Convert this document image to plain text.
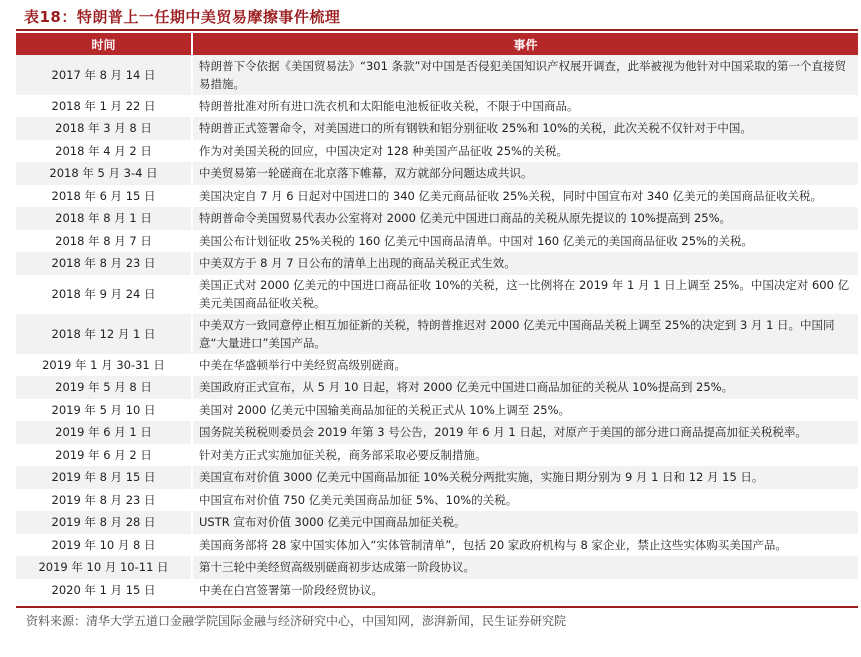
表18：特朗普上一任期中美贸易摩擦事件梳理
时间	事件
2017 年 8 月 14 日	特朗普下令依据《美国贸易法》“301 条款”对中国是否侵犯美国知识产权展开调查，此举被视为他针对中国采取的第一个直接贸易措施。
2018 年 1 月 22 日	特朗普批准对所有进口洗衣机和太阳能电池板征收关税，不限于中国商品。
2018 年 3 月 8 日	特朗普正式签署命令，对美国进口的所有钢铁和铝分别征收 25%和 10%的关税，此次关税不仅针对于中国。
2018 年 4 月 2 日	作为对美国关税的回应，中国决定对 128 种美国产品征收 25%的关税。
2018 年 5 月 3-4 日	中美贸易第一轮磋商在北京落下帷幕，双方就部分问题达成共识。
2018 年 6 月 15 日	美国决定自 7 月 6 日起对中国进口的 340 亿美元商品征收 25%关税，同时中国宣布对 340 亿美元的美国商品征收关税。
2018 年 8 月 1 日	特朗普命令美国贸易代表办公室将对 2000 亿美元中国进口商品的关税从原先提议的 10%提高到 25%。
2018 年 8 月 7 日	美国公布计划征收 25%关税的 160 亿美元中国商品清单。中国对 160 亿美元的美国商品征收 25%的关税。
2018 年 8 月 23 日	中美双方于 8 月 7 日公布的清单上出现的商品关税正式生效。
2018 年 9 月 24 日	美国正式对 2000 亿美元的中国进口商品征收 10%的关税，这一比例将在 2019 年 1 月 1 日上调至 25%。中国决定对 600 亿美元美国商品征收关税。
2018 年 12 月 1 日	中美双方一致同意停止相互加征新的关税，特朗普推迟对 2000 亿美元中国商品关税上调至 25%的决定到 3 月 1 日。中国同意“大量进口”美国产品。
2019 年 1 月 30-31 日	中美在华盛顿举行中美经贸高级别磋商。
2019 年 5 月 8 日	美国政府正式宣布，从 5 月 10 日起，将对 2000 亿美元中国进口商品加征的关税从 10%提高到 25%。
2019 年 5 月 10 日	美国对 2000 亿美元中国输美商品加征的关税正式从 10%上调至 25%。
2019 年 6 月 1 日	国务院关税税则委员会 2019 年第 3 号公告，2019 年 6 月 1 日起，对原产于美国的部分进口商品提高加征关税税率。
2019 年 6 月 2 日	针对美方正式实施加征关税，商务部采取必要反制措施。
2019 年 8 月 15 日	美国宣布对价值 3000 亿美元中国商品加征 10%关税分两批实施，实施日期分别为 9 月 1 日和 12 月 15 日。
2019 年 8 月 23 日	中国宣布对价值 750 亿美元美国商品加征 5%、10%的关税。
2019 年 8 月 28 日	USTR 宣布对价值 3000 亿美元中国商品加征关税。
2019 年 10 月 8 日	美国商务部将 28 家中国实体加入“实体管制清单”，包括 20 家政府机构与 8 家企业，禁止这些实体购买美国产品。
2019 年 10 月 10-11 日	第十三轮中美经贸高级别磋商初步达成第一阶段协议。
2020 年 1 月 15 日	中美在白宫签署第一阶段经贸协议。
资料来源：清华大学五道口金融学院国际金融与经济研究中心，中国知网，澎湃新闻，民生证券研究院
